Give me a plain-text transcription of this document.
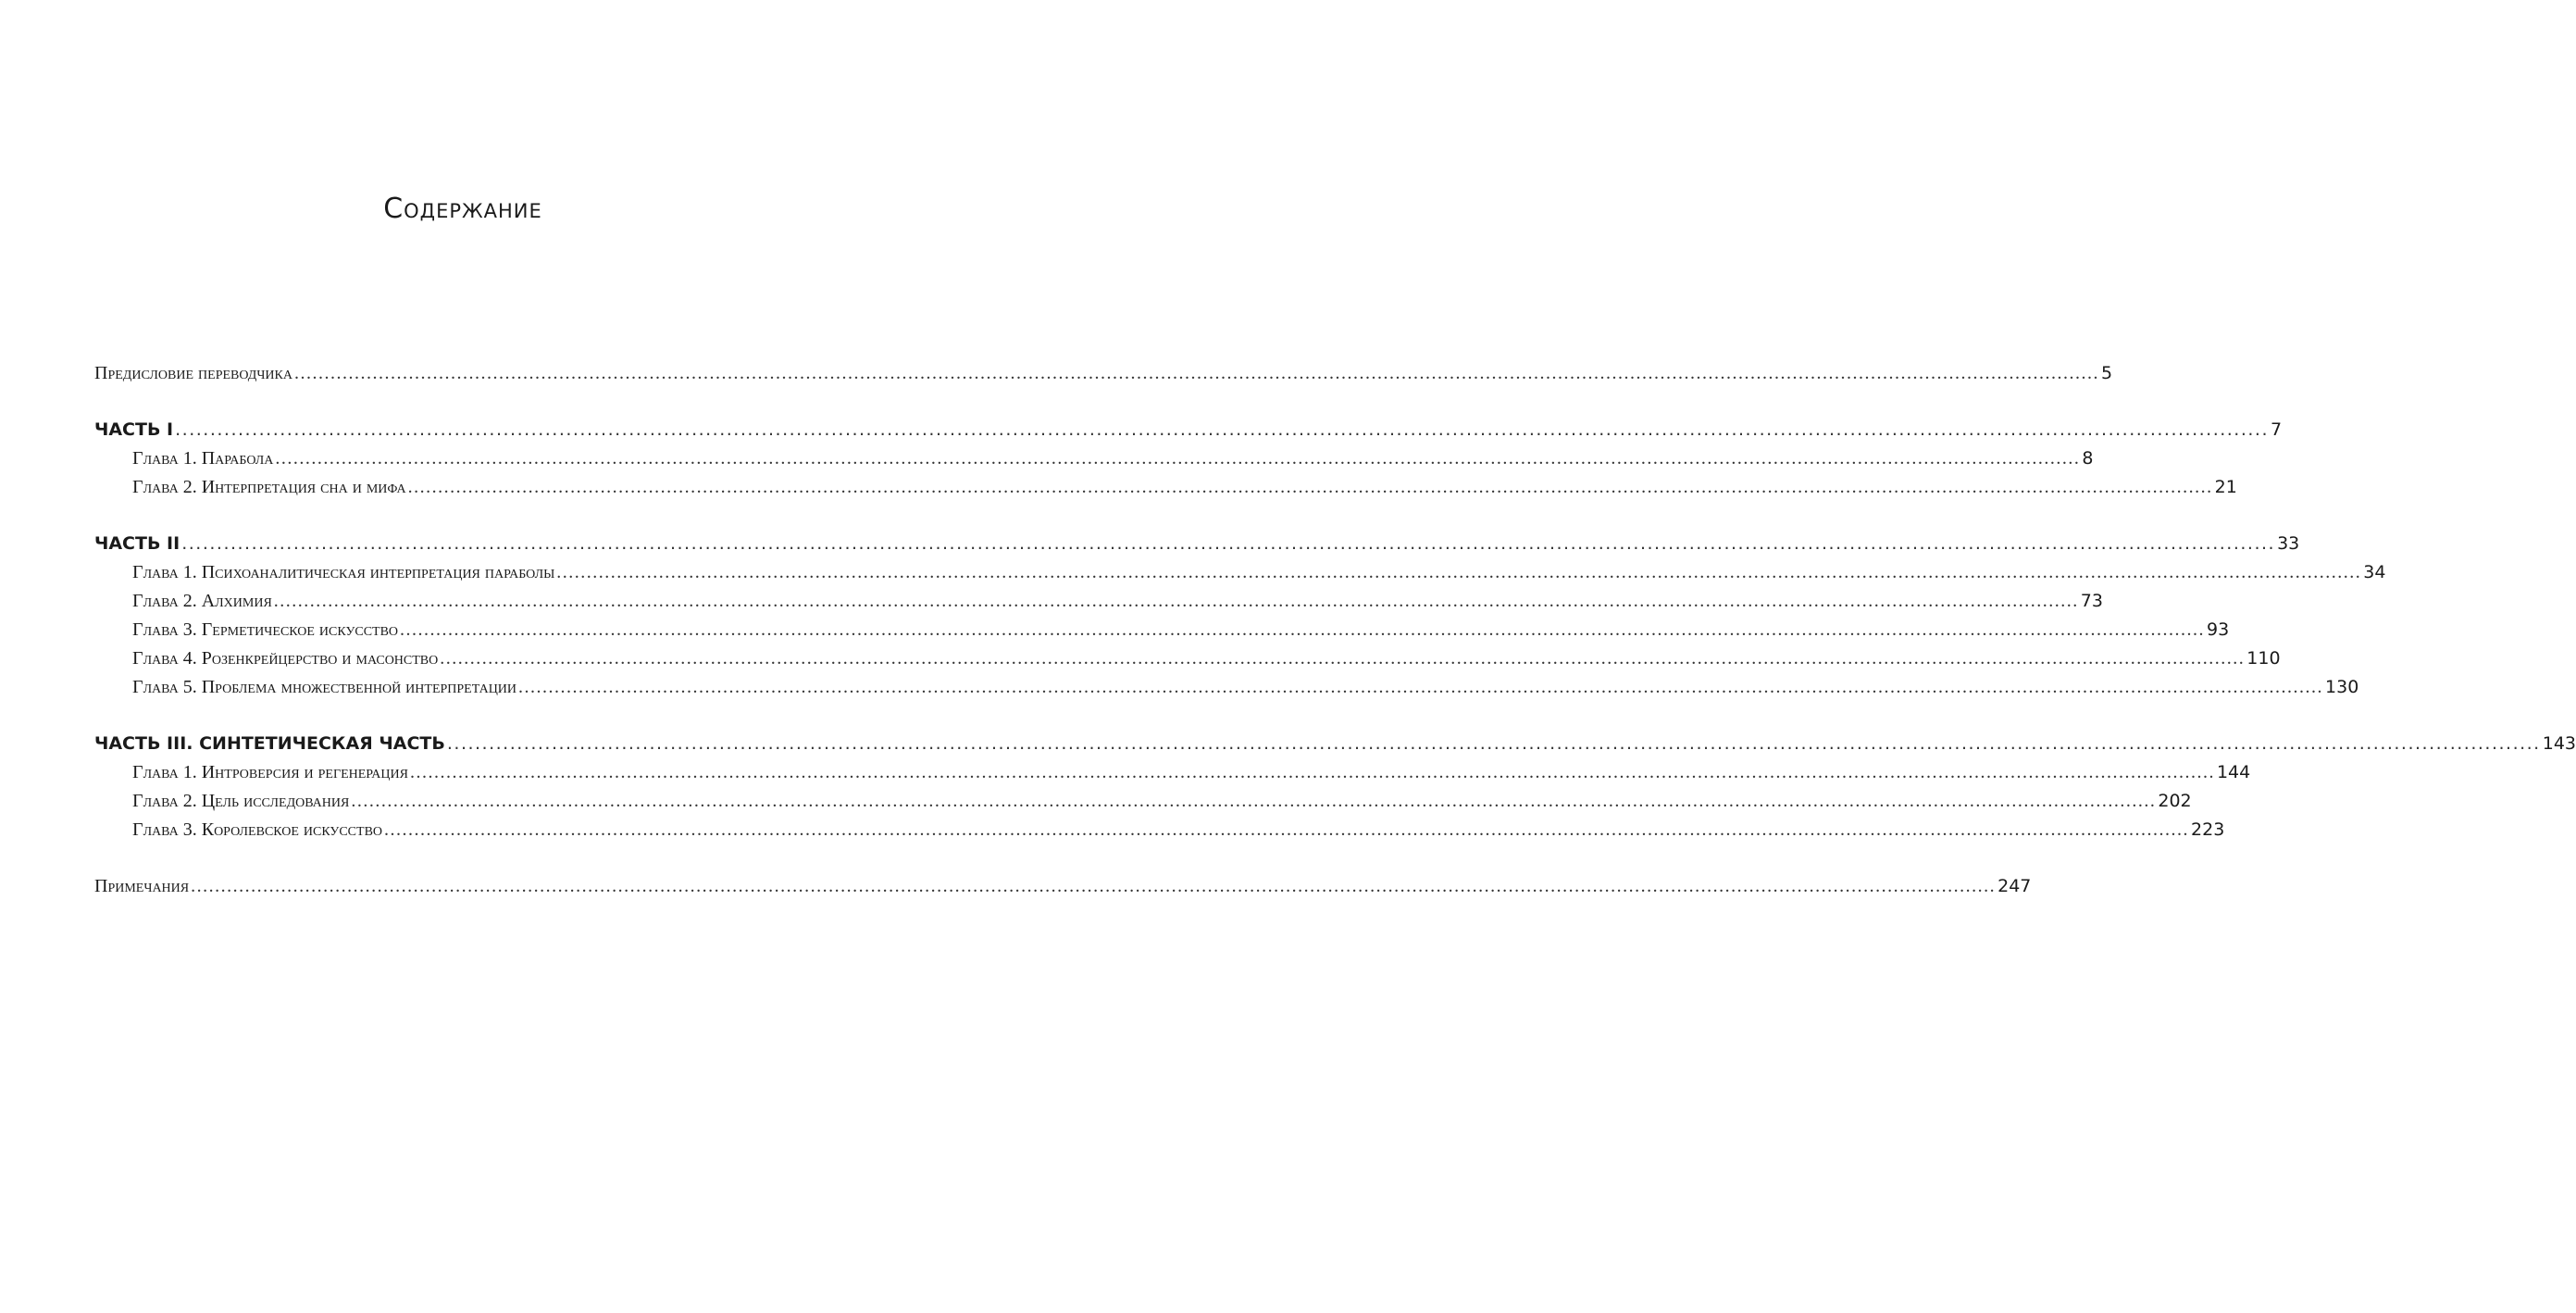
Содержание
Предисловие переводчика ............................................................................................................................................................................................................................................................................................................ 5
ЧАСТЬ I ............................................................................................................................................................................................................................................................................................................ 7
Глава 1. Парабола ............................................................................................................................................................................................................................................................................................................ 8
Глава 2. Интерпретация сна и мифа ............................................................................................................................................................................................................................................................................................................ 21
ЧАСТЬ II ............................................................................................................................................................................................................................................................................................................ 33
Глава 1. Психоаналитическая интерпретация параболы ............................................................................................................................................................................................................................................................................................................ 34
Глава 2. Алхимия ............................................................................................................................................................................................................................................................................................................ 73
Глава 3. Герметическое искусство ............................................................................................................................................................................................................................................................................................................ 93
Глава 4. Розенкрейцерство и масонство ............................................................................................................................................................................................................................................................................................................ 110
Глава 5. Проблема множественной интерпретации ............................................................................................................................................................................................................................................................................................................ 130
ЧАСТЬ III. СИНТЕТИЧЕСКАЯ ЧАСТЬ ............................................................................................................................................................................................................................................................................................................ 143
Глава 1. Интроверсия и регенерация ............................................................................................................................................................................................................................................................................................................ 144
Глава 2. Цель исследования ............................................................................................................................................................................................................................................................................................................ 202
Глава 3. Королевское искусство ............................................................................................................................................................................................................................................................................................................ 223
Примечания ............................................................................................................................................................................................................................................................................................................ 247
